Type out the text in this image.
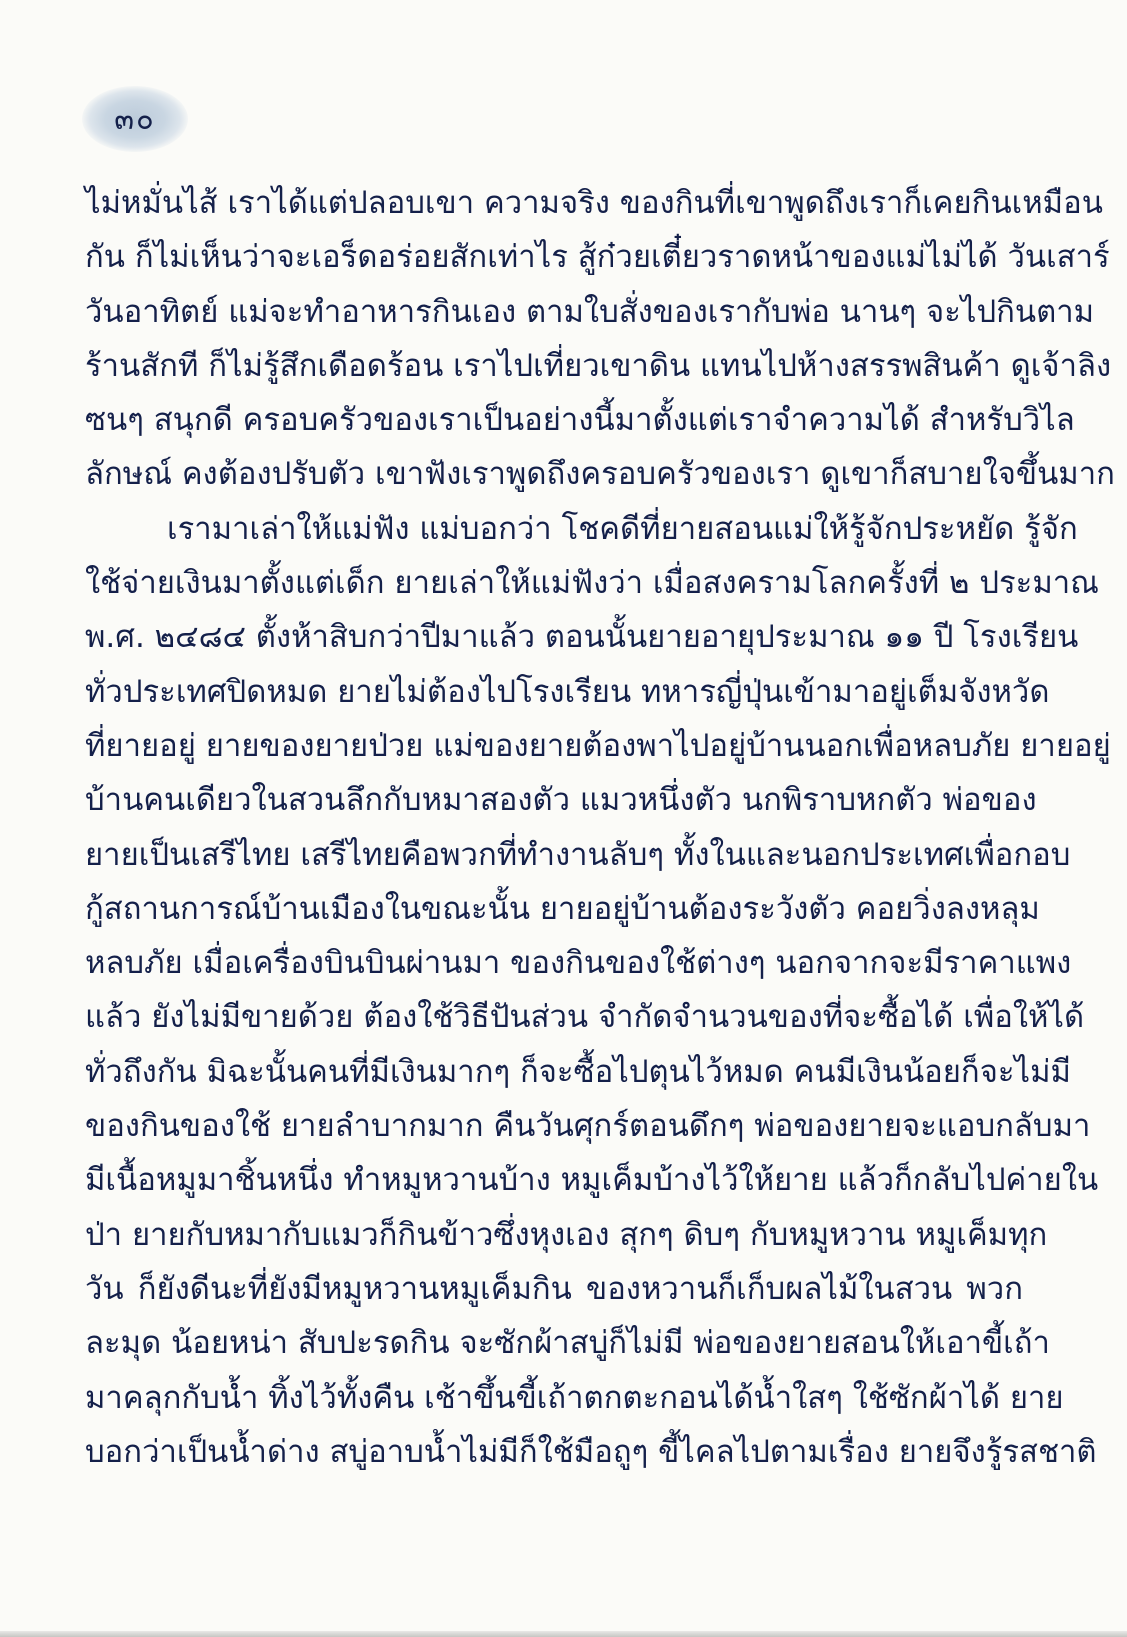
๓๐
ไม่หมั่นไส้ เราได้แต่ปลอบเขา ความจริง ของกินที่เขาพูดถึงเราก็เคยกินเหมือน
กัน ก็ไม่เห็นว่าจะเอร็ดอร่อยสักเท่าไร สู้ก๋วยเตี๋ยวราดหน้าของแม่ไม่ได้ วันเสาร์
วันอาทิตย์ แม่จะทำอาหารกินเอง ตามใบสั่งของเรากับพ่อ นานๆ จะไปกินตาม
ร้านสักที ก็ไม่รู้สึกเดือดร้อน เราไปเที่ยวเขาดิน แทนไปห้างสรรพสินค้า ดูเจ้าลิง
ซนๆ สนุกดี ครอบครัวของเราเป็นอย่างนี้มาตั้งแต่เราจำความได้ สำหรับวิไล
ลักษณ์ คงต้องปรับตัว เขาฟังเราพูดถึงครอบครัวของเรา ดูเขาก็สบายใจขึ้นมาก
เรามาเล่าให้แม่ฟัง แม่บอกว่า โชคดีที่ยายสอนแม่ให้รู้จักประหยัด รู้จัก
ใช้จ่ายเงินมาตั้งแต่เด็ก ยายเล่าให้แม่ฟังว่า เมื่อสงครามโลกครั้งที่ ๒ ประมาณ
พ.ศ. ๒๔๘๔ ตั้งห้าสิบกว่าปีมาแล้ว ตอนนั้นยายอายุประมาณ ๑๑ ปี โรงเรียน
ทั่วประเทศปิดหมด ยายไม่ต้องไปโรงเรียน ทหารญี่ปุ่นเข้ามาอยู่เต็มจังหวัด
ที่ยายอยู่ ยายของยายป่วย แม่ของยายต้องพาไปอยู่บ้านนอกเพื่อหลบภัย ยายอยู่
บ้านคนเดียวในสวนลึกกับหมาสองตัว แมวหนึ่งตัว นกพิราบหกตัว พ่อของ
ยายเป็นเสรีไทย เสรีไทยคือพวกที่ทำงานลับๆ ทั้งในและนอกประเทศเพื่อกอบ
กู้สถานการณ์บ้านเมืองในขณะนั้น ยายอยู่บ้านต้องระวังตัว คอยวิ่งลงหลุม
หลบภัย เมื่อเครื่องบินบินผ่านมา ของกินของใช้ต่างๆ นอกจากจะมีราคาแพง
แล้ว ยังไม่มีขายด้วย ต้องใช้วิธีปันส่วน จำกัดจำนวนของที่จะซื้อได้ เพื่อให้ได้
ทั่วถึงกัน มิฉะนั้นคนที่มีเงินมากๆ ก็จะซื้อไปตุนไว้หมด คนมีเงินน้อยก็จะไม่มี
ของกินของใช้ ยายลำบากมาก คืนวันศุกร์ตอนดึกๆ พ่อของยายจะแอบกลับมา
มีเนื้อหมูมาชิ้นหนึ่ง ทำหมูหวานบ้าง หมูเค็มบ้างไว้ให้ยาย แล้วก็กลับไปค่ายใน
ป่า ยายกับหมากับแมวก็กินข้าวซึ่งหุงเอง สุกๆ ดิบๆ กับหมูหวาน หมูเค็มทุก
วัน ก็ยังดีนะที่ยังมีหมูหวานหมูเค็มกิน ของหวานก็เก็บผลไม้ในสวน พวก
ละมุด น้อยหน่า สับปะรดกิน จะซักผ้าสบู่ก็ไม่มี พ่อของยายสอนให้เอาขี้เถ้า
มาคลุกกับน้ำ ทิ้งไว้ทั้งคืน เช้าขึ้นขี้เถ้าตกตะกอนได้น้ำใสๆ ใช้ซักผ้าได้ ยาย
บอกว่าเป็นน้ำด่าง สบู่อาบน้ำไม่มีก็ใช้มือถูๆ ขี้ไคลไปตามเรื่อง ยายจึงรู้รสชาติ
